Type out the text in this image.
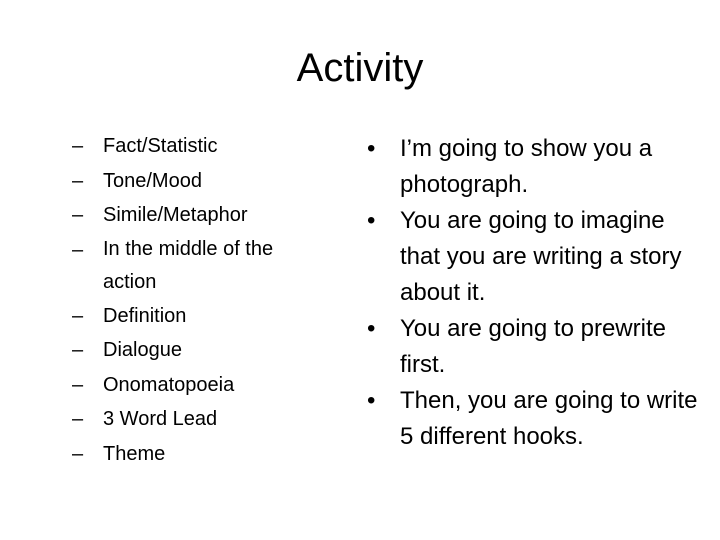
Activity
– Fact/Statistic
– Tone/Mood
– Simile/Metaphor
– In the middle of the action
– Definition
– Dialogue
– Onomatopoeia
– 3 Word Lead
– Theme
•	I’m going to show you a photograph.
•	You are going to imagine that you are writing a story about it.
•	You are going to prewrite first.
•	Then, you are going to write 5 different hooks.
